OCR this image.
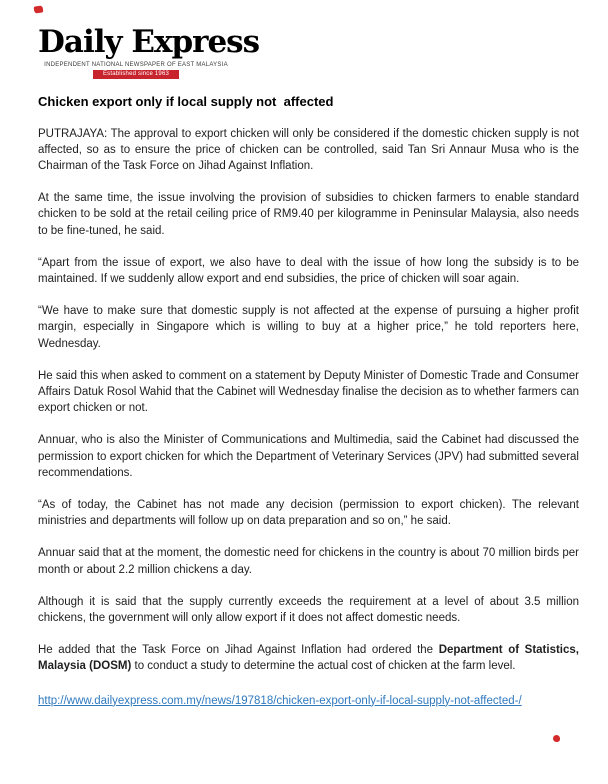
Daily Express
INDEPENDENT NATIONAL NEWSPAPER OF EAST MALAYSIA
Established since 1963
Chicken export only if local supply not  affected

PUTRAJAYA: The approval to export chicken will only be considered if the domestic chicken supply is not affected, so as to ensure the price of chicken can be controlled, said Tan Sri Annaur Musa who is the Chairman of the Task Force on Jihad Against Inflation.

At the same time, the issue involving the provision of subsidies to chicken farmers to enable standard chicken to be sold at the retail ceiling price of RM9.40 per kilogramme in Peninsular Malaysia, also needs to be fine-tuned, he said.

“Apart from the issue of export, we also have to deal with the issue of how long the subsidy is to be maintained. If we suddenly allow export and end subsidies, the price of chicken will soar again.

“We have to make sure that domestic supply is not affected at the expense of pursuing a higher profit margin, especially in Singapore which is willing to buy at a higher price,” he told reporters here, Wednesday.

He said this when asked to comment on a statement by Deputy Minister of Domestic Trade and Consumer Affairs Datuk Rosol Wahid that the Cabinet will Wednesday finalise the decision as to whether farmers can export chicken or not.

Annuar, who is also the Minister of Communications and Multimedia, said the Cabinet had discussed the permission to export chicken for which the Department of Veterinary Services (JPV) had submitted several recommendations.

“As of today, the Cabinet has not made any decision (permission to export chicken). The relevant ministries and departments will follow up on data preparation and so on,” he said.

Annuar said that at the moment, the domestic need for chickens in the country is about 70 million birds per month or about 2.2 million chickens a day.

Although it is said that the supply currently exceeds the requirement at a level of about 3.5 million chickens, the government will only allow export if it does not affect domestic needs.

He added that the Task Force on Jihad Against Inflation had ordered the Department of Statistics, Malaysia (DOSM) to conduct a study to determine the actual cost of chicken at the farm level.

http://www.dailyexpress.com.my/news/197818/chicken-export-only-if-local-supply-not-affected-/
